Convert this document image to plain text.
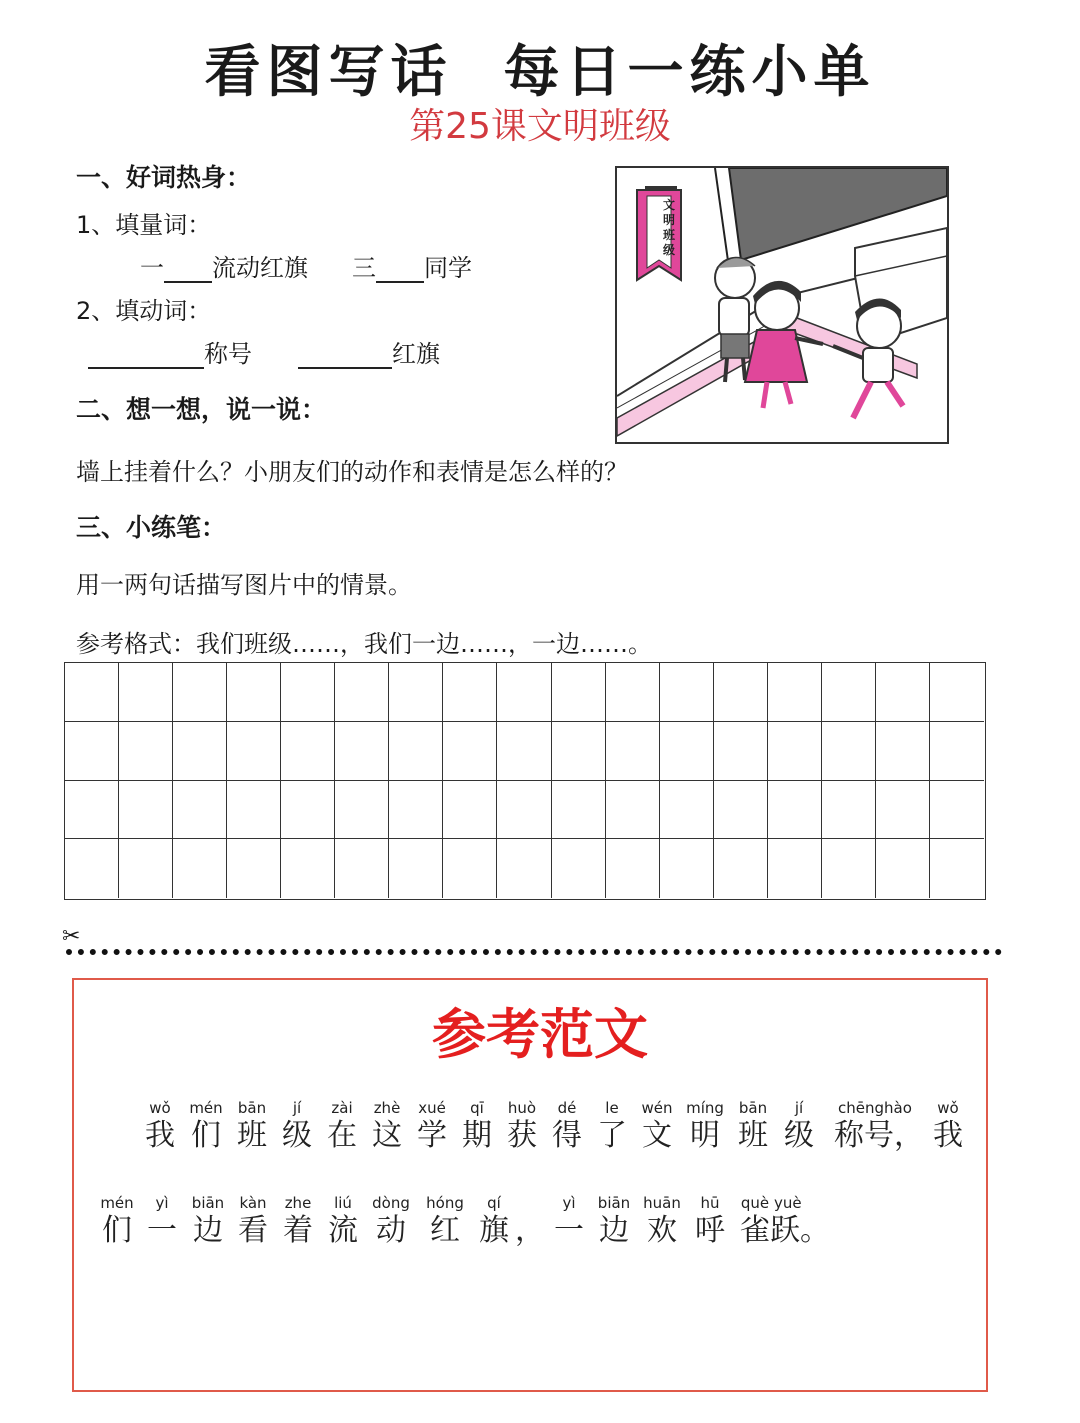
看图写话  每日一练小单
第25课文明班级
一、好词热身：
1、填量词：
一 流动红旗 三 同学
2、填动词：
称号	红旗
文
明
班
级
二、想一想，说一说：
墙上挂着什么？小朋友们的动作和表情是怎么样的？
三、小练笔：
用一两句话描写图片中的情景。
参考格式：我们班级……，我们一边……，一边……。
✂
参考范文
wǒ
我
mén
们
bān
班
jí
级
zài
在
zhè
这
xué
学
qī
期
huò
获
dé
得
le
了
wén
文
míng
明
bān
班
jí
级
chēnghào
称号，
wǒ
我
mén
们
yì
一
biān
边
kàn
看
zhe
着
liú
流
dòng
动
hóng
红
qí
旗 ，
yì
一
biān
边
huān
欢
hū
呼
què
雀
yuè
跃。
